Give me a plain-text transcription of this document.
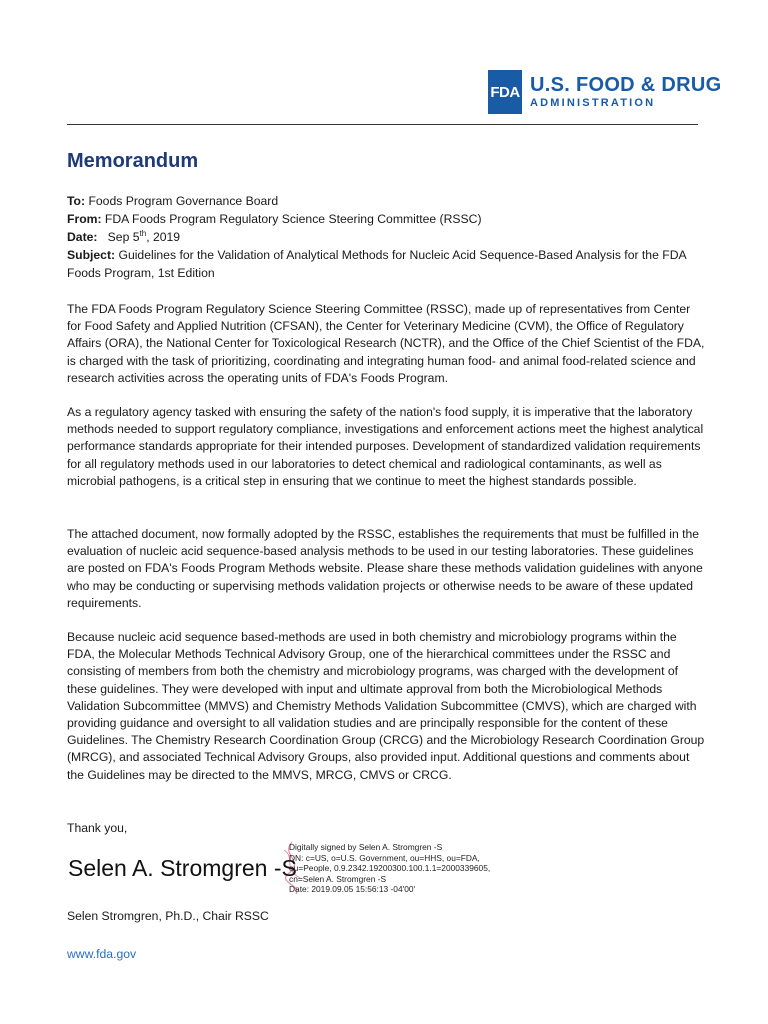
FDA U.S. FOOD & DRUG
ADMINISTRATION
Memorandum
To: Foods Program Governance Board
From: FDA Foods Program Regulatory Science Steering Committee (RSSC)
Date: Sep 5th, 2019
Subject: Guidelines for the Validation of Analytical Methods for Nucleic Acid Sequence-Based Analysis for the FDA Foods Program, 1st Edition

The FDA Foods Program Regulatory Science Steering Committee (RSSC), made up of representatives from Center for Food Safety and Applied Nutrition (CFSAN), the Center for Veterinary Medicine (CVM), the Office of Regulatory Affairs (ORA), the National Center for Toxicological Research (NCTR), and the Office of the Chief Scientist of the FDA, is charged with the task of prioritizing, coordinating and integrating human food- and animal food-related science and research activities across the operating units of FDA's Foods Program.

As a regulatory agency tasked with ensuring the safety of the nation's food supply, it is imperative that the laboratory methods needed to support regulatory compliance, investigations and enforcement actions meet the highest analytical performance standards appropriate for their intended purposes. Development of standardized validation requirements for all regulatory methods used in our laboratories to detect chemical and radiological contaminants, as well as microbial pathogens, is a critical step in ensuring that we continue to meet the highest standards possible.

The attached document, now formally adopted by the RSSC, establishes the requirements that must be fulfilled in the evaluation of nucleic acid sequence-based analysis methods to be used in our testing laboratories. These guidelines are posted on FDA's Foods Program Methods website. Please share these methods validation guidelines with anyone who may be conducting or supervising methods validation projects or otherwise needs to be aware of these updated requirements.

Because nucleic acid sequence based-methods are used in both chemistry and microbiology programs within the FDA, the Molecular Methods Technical Advisory Group, one of the hierarchical committees under the RSSC and consisting of members from both the chemistry and microbiology programs, was charged with the development of these guidelines. They were developed with input and ultimate approval from both the Microbiological Methods Validation Subcommittee (MMVS) and Chemistry Methods Validation Subcommittee (CMVS), which are charged with providing guidance and oversight to all validation studies and are principally responsible for the content of these Guidelines. The Chemistry Research Coordination Group (CRCG) and the Microbiology Research Coordination Group (MRCG), and associated Technical Advisory Groups, also provided input. Additional questions and comments about the Guidelines may be directed to the MMVS, MRCG, CMVS or CRCG.

Thank you,
Selen A. Stromgren -S
Digitally signed by Selen A. Stromgren -S
DN: c=US, o=U.S. Government, ou=HHS, ou=FDA,
ou=People, 0.9.2342.19200300.100.1.1=2000339605,
cn=Selen A. Stromgren -S
Date: 2019.09.05 15:56:13 -04'00'
Selen Stromgren, Ph.D., Chair RSSC
www.fda.gov
